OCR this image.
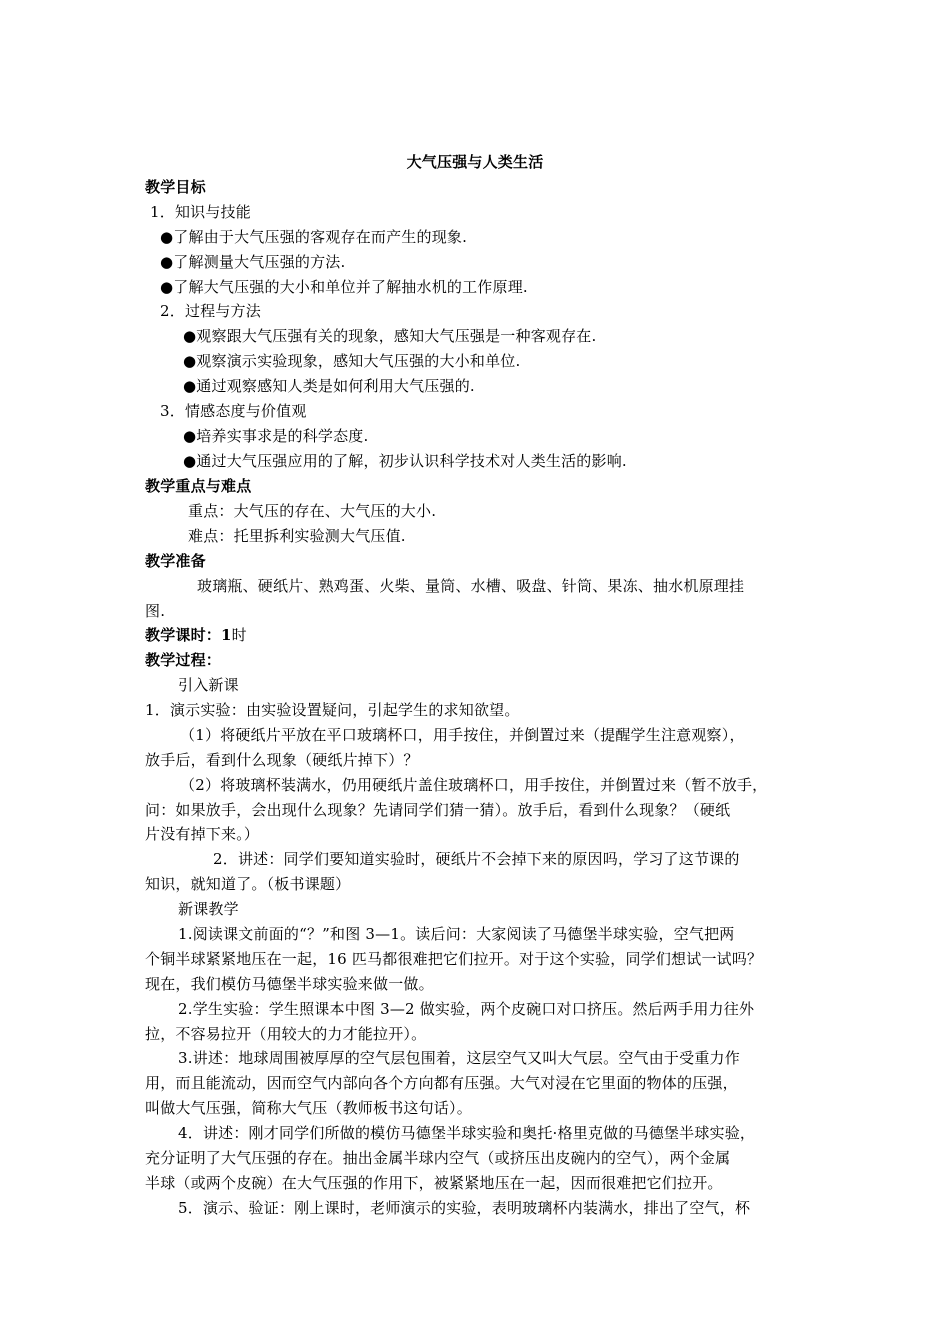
大气压强与人类生活
教学目标
1．知识与技能
●了解由于大气压强的客观存在而产生的现象.
●了解测量大气压强的方法.
●了解大气压强的大小和单位并了解抽水机的工作原理.
2．过程与方法
●观察跟大气压强有关的现象，感知大气压强是一种客观存在.
●观察演示实验现象，感知大气压强的大小和单位.
●通过观察感知人类是如何利用大气压强的.
3．情感态度与价值观
●培养实事求是的科学态度.
●通过大气压强应用的了解，初步认识科学技术对人类生活的影响.
教学重点与难点
重点：大气压的存在、大气压的大小.
难点：托里拆利实验测大气压值.
教学准备
玻璃瓶、硬纸片、熟鸡蛋、火柴、量筒、水槽、吸盘、针筒、果冻、抽水机原理挂
图.
教学课时：1时
教学过程：
引入新课
1．演示实验：由实验设置疑问，引起学生的求知欲望。
（1）将硬纸片平放在平口玻璃杯口，用手按住，并倒置过来（提醒学生注意观察），
放手后，看到什么现象（硬纸片掉下）？
（2）将玻璃杯装满水，仍用硬纸片盖住玻璃杯口，用手按住，并倒置过来（暂不放手，
问：如果放手，会出现什么现象？先请同学们猜一猜）。放手后，看到什么现象？（硬纸
片没有掉下来。）
2．讲述：同学们要知道实验时，硬纸片不会掉下来的原因吗，学习了这节课的
知识，就知道了。（板书课题）
新课教学
1.阅读课文前面的“？”和图 3—1。读后问：大家阅读了马德堡半球实验，空气把两
个铜半球紧紧地压在一起，16 匹马都很难把它们拉开。对于这个实验，同学们想试一试吗？
现在，我们模仿马德堡半球实验来做一做。
2.学生实验：学生照课本中图 3—2 做实验，两个皮碗口对口挤压。然后两手用力往外
拉，不容易拉开（用较大的力才能拉开）。
3.讲述：地球周围被厚厚的空气层包围着，这层空气又叫大气层。空气由于受重力作
用，而且能流动，因而空气内部向各个方向都有压强。大气对浸在它里面的物体的压强，
叫做大气压强，简称大气压（教师板书这句话）。
4．讲述：刚才同学们所做的模仿马德堡半球实验和奥托·格里克做的马德堡半球实验，
充分证明了大气压强的存在。抽出金属半球内空气（或挤压出皮碗内的空气），两个金属
半球（或两个皮碗）在大气压强的作用下，被紧紧地压在一起，因而很难把它们拉开。
5．演示、验证：刚上课时，老师演示的实验，表明玻璃杯内装满水，排出了空气，杯
